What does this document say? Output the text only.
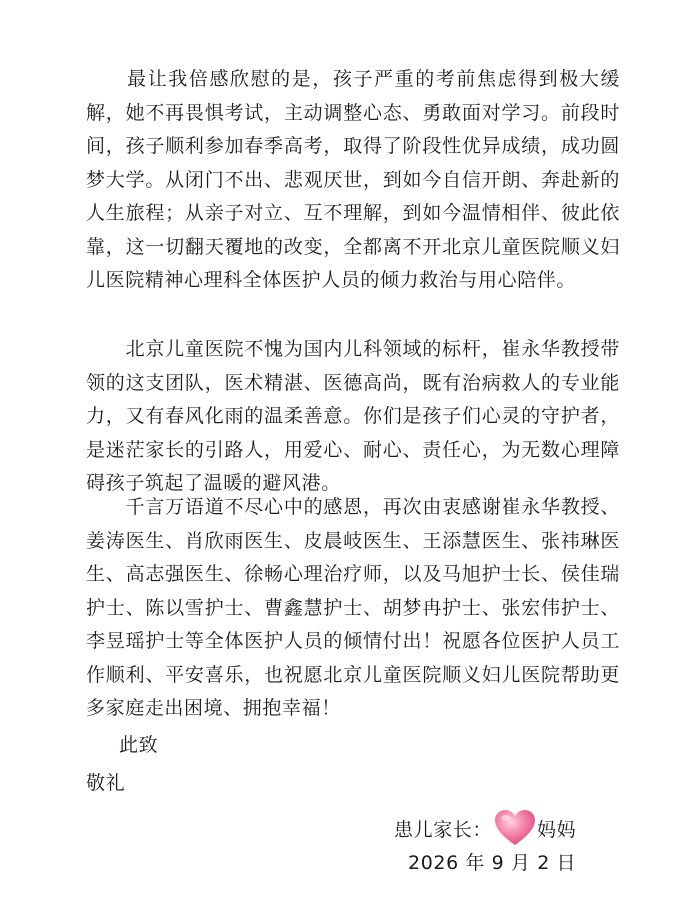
　　最让我倍感欣慰的是，孩子严重的考前焦虑得到极大缓解，她不再畏惧考试，主动调整心态、勇敢面对学习。前段时间，孩子顺利参加春季高考，取得了阶段性优异成绩，成功圆梦大学。从闭门不出、悲观厌世，到如今自信开朗、奔赴新的人生旅程；从亲子对立、互不理解，到如今温情相伴、彼此依靠，这一切翻天覆地的改变，全都离不开北京儿童医院顺义妇儿医院精神心理科全体医护人员的倾力救治与用心陪伴。

　　北京儿童医院不愧为国内儿科领域的标杆，崔永华教授带领的这支团队，医术精湛、医德高尚，既有治病救人的专业能力，又有春风化雨的温柔善意。你们是孩子们心灵的守护者，是迷茫家长的引路人，用爱心、耐心、责任心，为无数心理障碍孩子筑起了温暖的避风港。

　　千言万语道不尽心中的感恩，再次由衷感谢崔永华教授、姜涛医生、肖欣雨医生、皮晨岐医生、王添慧医生、张祎琳医生、高志强医生、徐畅心理治疗师，以及马旭护士长、侯佳瑞护士、陈以雪护士、曹鑫慧护士、胡梦冉护士、张宏伟护士、李昱瑶护士等全体医护人员的倾情付出！祝愿各位医护人员工作顺利、平安喜乐，也祝愿北京儿童医院顺义妇儿医院帮助更多家庭走出困境、拥抱幸福！

此致

敬礼

患儿家长： 妈妈

2026 年 9 月 2 日
